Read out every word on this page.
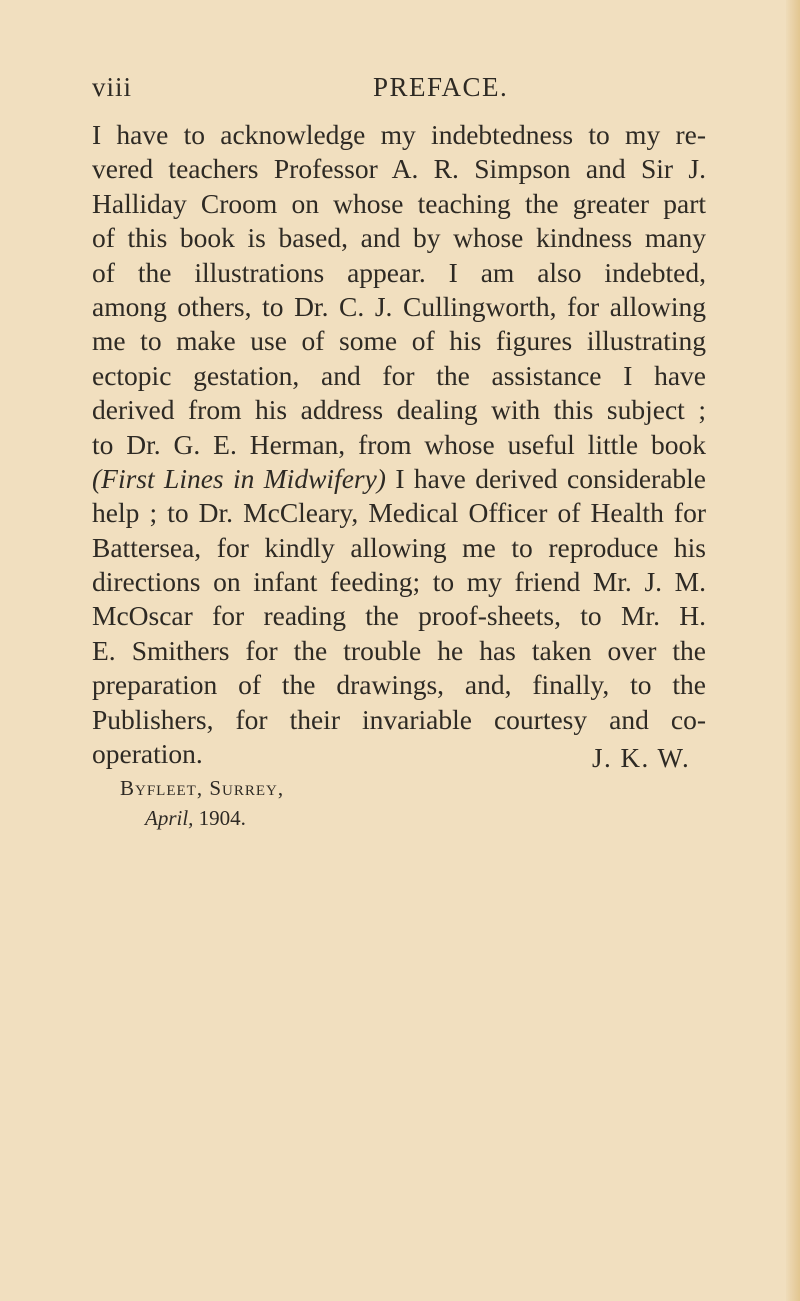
viii	PREFACE.
I have to acknowledge my indebtedness to my re-
vered teachers Professor A. R. Simpson and Sir J.
Halliday Croom on whose teaching the greater part
of this book is based, and by whose kindness many
of the illustrations appear. I am also indebted,
among others, to Dr. C. J. Cullingworth, for allowing
me to make use of some of his figures illustrating
ectopic gestation, and for the assistance I have
derived from his address dealing with this subject ;
to Dr. G. E. Herman, from whose useful little book
(First Lines in Midwifery) I have derived considerable
help ; to Dr. McCleary, Medical Officer of Health for
Battersea, for kindly allowing me to reproduce his
directions on infant feeding; to my friend Mr. J. M.
McOscar for reading the proof-sheets, to Mr. H.
E. Smithers for the trouble he has taken over the
preparation of the drawings, and, finally, to the
Publishers, for their invariable courtesy and co-
operation.	J. K. W.
Byfleet, Surrey,
April, 1904.
